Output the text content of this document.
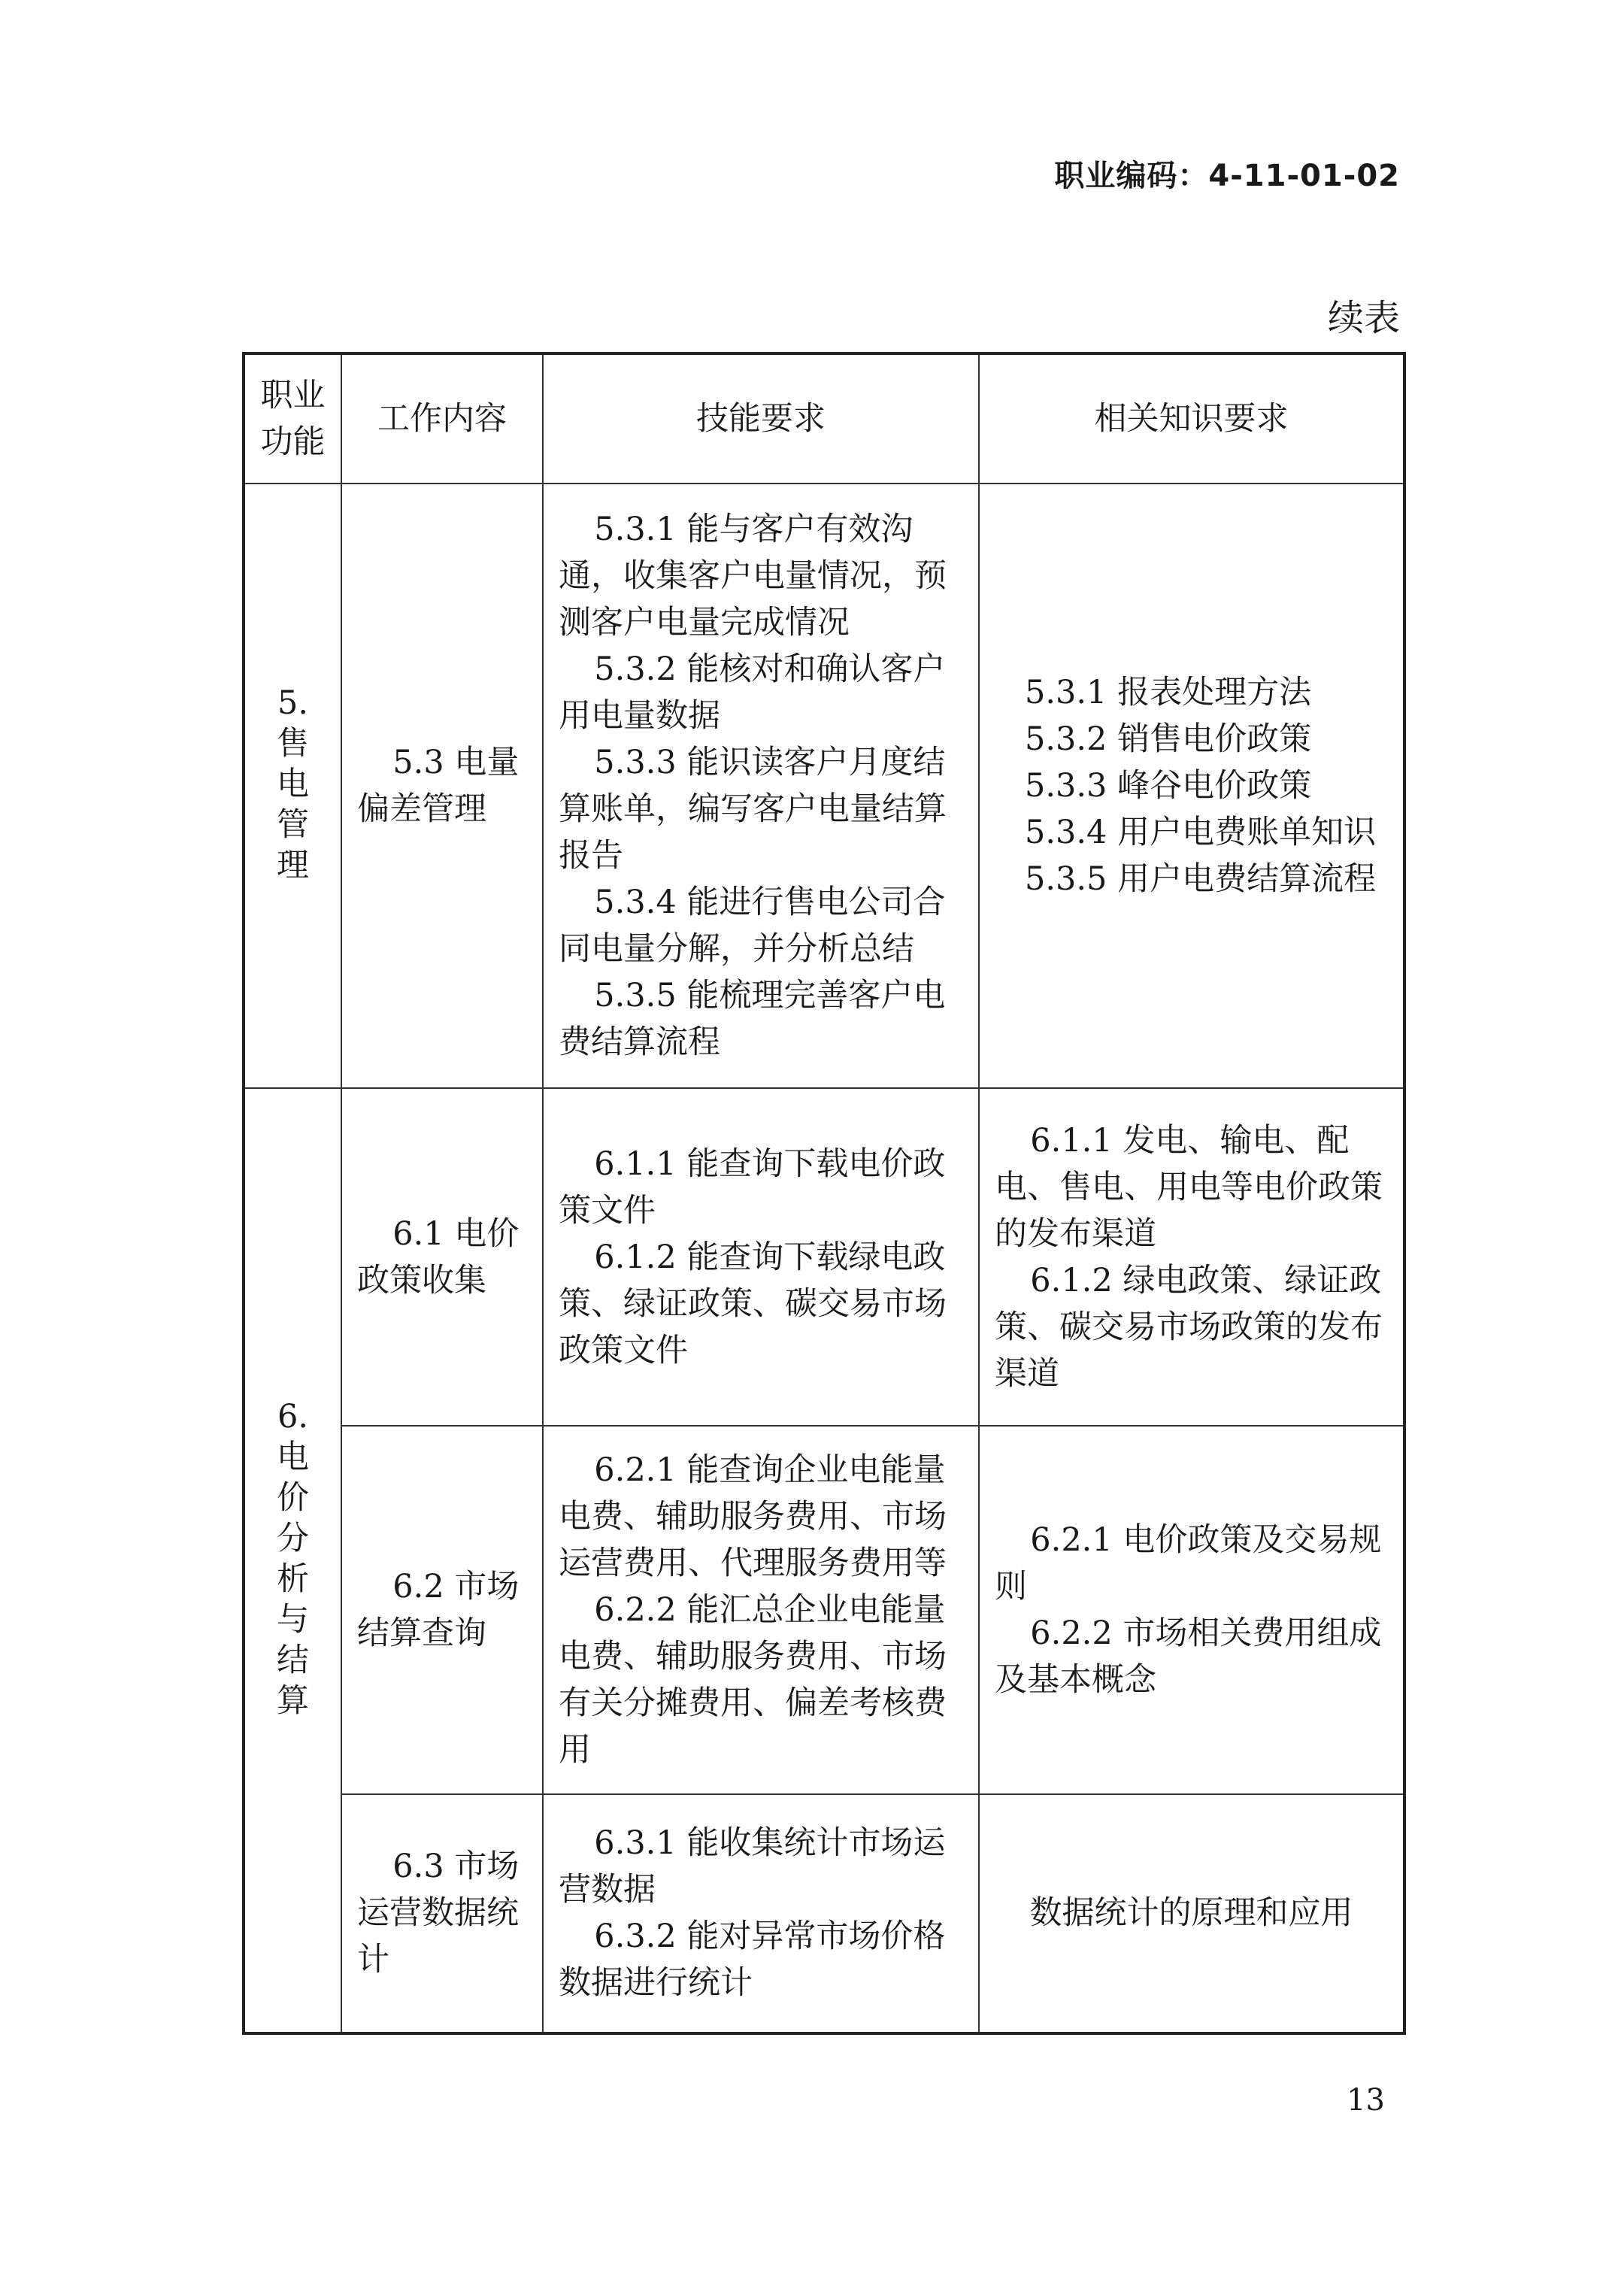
职业编码：4-11-01-02
续表
职业功能	工作内容	技能要求	相关知识要求
5. 售电管理	5.3 电量偏差管理	5.3.1 能与客户有效沟通，收集客户电量情况，预测客户电量完成情况
5.3.2 能核对和确认客户用电量数据
5.3.3 能识读客户月度结算账单，编写客户电量结算报告
5.3.4 能进行售电公司合同电量分解，并分析总结
5.3.5 能梳理完善客户电费结算流程	5.3.1 报表处理方法
5.3.2 销售电价政策
5.3.3 峰谷电价政策
5.3.4 用户电费账单知识
5.3.5 用户电费结算流程

6. 电价分析与结算	6.1 电价政策收集	6.1.1 能查询下载电价政策文件
6.1.2 能查询下载绿电政策、绿证政策、碳交易市场政策文件	6.1.1 发电、输电、配电、售电、用电等电价政策的发布渠道
6.1.2 绿电政策、绿证政策、碳交易市场政策的发布渠道

	6.2 市场结算查询	6.2.1 能查询企业电能量电费、辅助服务费用、市场运营费用、代理服务费用等
6.2.2 能汇总企业电能量电费、辅助服务费用、市场有关分摊费用、偏差考核费用	6.2.1 电价政策及交易规则
6.2.2 市场相关费用组成及基本概念

	6.3 市场运营数据统计	6.3.1 能收集统计市场运营数据
6.3.2 能对异常市场价格数据进行统计	数据统计的原理和应用
13
